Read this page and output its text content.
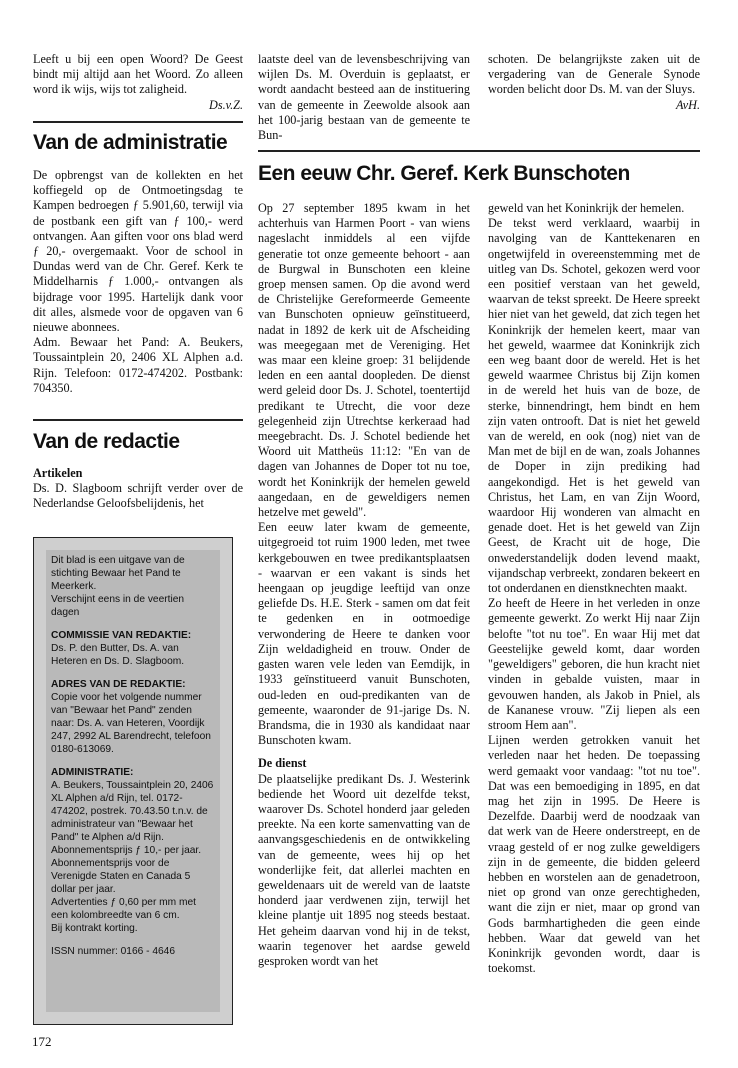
Leeft u bij een open Woord? De Geest bindt mij altijd aan het Woord. Zo alleen word ik wijs, wijs tot zaligheid.

Ds.v.Z.

Van de administratie

De opbrengst van de kollekten en het koffiegeld op de Ontmoetingsdag te Kampen bedroegen ƒ 5.901,60, terwijl via de postbank een gift van ƒ 100,- werd ontvangen. Aan giften voor ons blad werd ƒ 20,- overgemaakt. Voor de school in Dundas werd van de Chr. Geref. Kerk te Middelharnis ƒ 1.000,- ontvangen als bijdrage voor 1995. Hartelijk dank voor dit alles, alsmede voor de opgaven van 6 nieuwe abonnees.

Adm. Bewaar het Pand: A. Beukers, Toussaintplein 20, 2406 XL Alphen a.d. Rijn. Telefoon: 0172-474202. Postbank: 704350.

Van de redactie

Artikelen

Ds. D. Slagboom schrijft verder over de Nederlandse Geloofsbelijdenis, het

Dit blad is een uitgave van de stichting Bewaar het Pand te Meerkerk.
Verschijnt eens in de veertien dagen

COMMISSIE VAN REDAKTIE:

Ds. P. den Butter, Ds. A. van Heteren en Ds. D. Slagboom.

ADRES VAN DE REDAKTIE:

Copie voor het volgende nummer van "Bewaar het Pand" zenden naar: Ds. A. van Heteren, Voordijk 247, 2992 AL Barendrecht, telefoon 0180-613069.

ADMINISTRATIE:

A. Beukers, Toussaintplein 20, 2406 XL Alphen a/d Rijn, tel. 0172-474202, postrek. 70.43.50 t.n.v. de administrateur van "Bewaar het Pand" te Alphen a/d Rijn.
Abonnementsprijs ƒ 10,- per jaar. Abonnementsprijs voor de Verenigde Staten en Canada 5 dollar per jaar.
Advertenties ƒ 0,60 per mm met een kolombreedte van 6 cm.
Bij kontrakt korting.

ISSN nummer: 0166 - 4646

laatste deel van de levensbeschrijving van wijlen Ds. M. Overduin is geplaatst, er wordt aandacht besteed aan de instituering van de gemeente in Zeewolde alsook aan het 100-jarig bestaan van de gemeente te Bun-

schoten. De belangrijkste zaken uit de vergadering van de Generale Synode worden belicht door Ds. M. van der Sluys.

AvH.

Een eeuw Chr. Geref. Kerk Bunschoten

Op 27 september 1895 kwam in het achterhuis van Harmen Poort - van wiens nageslacht inmiddels al een vijfde generatie tot onze gemeente behoort - aan de Burgwal in Bunschoten een kleine groep mensen samen. Op die avond werd de Christelijke Gereformeerde Gemeente van Bunschoten opnieuw geïnstitueerd, nadat in 1892 de kerk uit de Afscheiding was meegegaan met de Vereniging. Het was maar een kleine groep: 31 belijdende leden en een aantal doopleden. De dienst werd geleid door Ds. J. Schotel, toentertijd predikant te Utrecht, die voor deze gelegenheid zijn Utrechtse kerkeraad had meegebracht. Ds. J. Schotel bediende het Woord uit Mattheüs 11:12: "En van de dagen van Johannes de Doper tot nu toe, wordt het Koninkrijk der hemelen geweld aangedaan, en de geweldigers nemen hetzelve met geweld".

Een eeuw later kwam de gemeente, uitgegroeid tot ruim 1900 leden, met twee kerkgebouwen en twee predikantsplaatsen - waarvan er een vakant is sinds het heengaan op jeugdige leeftijd van onze geliefde Ds. H.E. Sterk - samen om dat feit te gedenken en in ootmoedige verwondering de Heere te danken voor Zijn weldadigheid en trouw. Onder de gasten waren vele leden van Eemdijk, in 1933 geïnstitueerd vanuit Bunschoten, oud-leden en oud-predikanten van de gemeente, waaronder de 91-jarige Ds. N. Brandsma, die in 1930 als kandidaat naar Bunschoten kwam.

De dienst

De plaatselijke predikant Ds. J. Westerink bediende het Woord uit dezelfde tekst, waarover Ds. Schotel honderd jaar geleden preekte. Na een korte samenvatting van de aanvangsgeschiedenis en de ontwikkeling van de gemeente, wees hij op het wonderlijke feit, dat allerlei machten en geweldenaars uit de wereld van de laatste honderd jaar verdwenen zijn, terwijl het kleine plantje uit 1895 nog steeds bestaat. Het geheim daarvan vond hij in de tekst, waarin tegenover het aardse geweld gesproken wordt van het

geweld van het Koninkrijk der hemelen.

De tekst werd verklaard, waarbij in navolging van de Kanttekenaren en ongetwijfeld in overeenstemming met de uitleg van Ds. Schotel, gekozen werd voor een positief verstaan van het geweld, waarvan de tekst spreekt. De Heere spreekt hier niet van het geweld, dat zich tegen het Koninkrijk der hemelen keert, maar van het geweld, waarmee dat Koninkrijk zich een weg baant door de wereld. Het is het geweld waarmee Christus bij Zijn komen in de wereld het huis van de boze, de sterke, binnendringt, hem bindt en hem zijn vaten ontrooft. Dat is niet het geweld van de wereld, en ook (nog) niet van de Man met de bijl en de wan, zoals Johannes de Doper in zijn prediking had aangekondigd. Het is het geweld van Christus, het Lam, en van Zijn Woord, waardoor Hij wonderen van almacht en genade doet. Het is het geweld van Zijn Geest, de Kracht uit de hoge, Die onwederstandelijk doden levend maakt, vijandschap verbreekt, zondaren bekeert en tot onderdanen en dienstknechten maakt.

Zo heeft de Heere in het verleden in onze gemeente gewerkt. Zo werkt Hij naar Zijn belofte "tot nu toe". En waar Hij met dat Geestelijke geweld komt, daar worden "geweldigers" geboren, die hun kracht niet vinden in gebalde vuisten, maar in gevouwen handen, als Jakob in Pniel, als de Kananese vrouw. "Zij liepen als een stroom Hem aan".

Lijnen werden getrokken vanuit het verleden naar het heden. De toepassing werd gemaakt voor vandaag: "tot nu toe". Dat was een bemoediging in 1895, en dat mag het zijn in 1995. De Heere is Dezelfde. Daarbij werd de noodzaak van dat werk van de Heere onderstreept, en de vraag gesteld of er nog zulke geweldigers zijn in de gemeente, die bidden geleerd hebben en worstelen aan de genadetroon, niet op grond van onze gerechtigheden, want die zijn er niet, maar op grond van Gods barmhartigheden die geen einde hebben. Waar dat geweld van het Koninkrijk gevonden wordt, daar is toekomst.

172
